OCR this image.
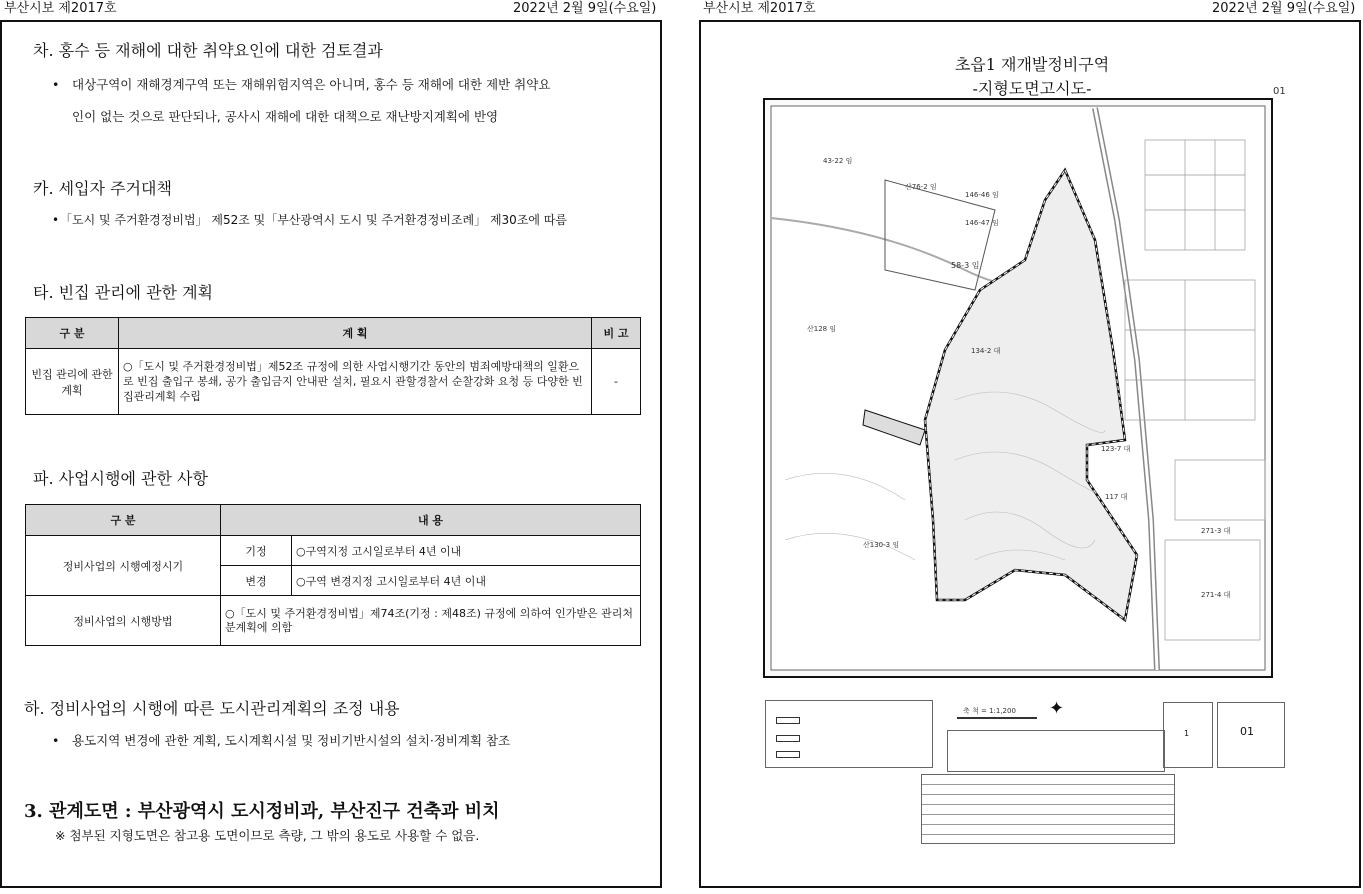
부산시보 제2017호	2022년 2월 9일(수요일)	부산시보 제2017호	2022년 2월 9일(수요일)
차. 홍수 등 재해에 대한 취약요인에 대한 검토결과
• 대상구역이 재해경계구역 또는 재해위험지역은 아니며, 홍수 등 재해에 대한 제반 취약요
인이 없는 것으로 판단되나, 공사시 재해에 대한 대책으로 재난방지계획에 반영
카. 세입자 주거대책
•「도시 및 주거환경정비법」 제52조 및「부산광역시 도시 및 주거환경정비조례」 제30조에 따름
타. 빈집 관리에 관한 계획
구 분	계 획	비 고
빈집 관리에 관한 계획	○「도시 및 주거환경정비법」제52조 규정에 의한 사업시행기간 동안의 범죄예방대책의 일환으로 빈집 출입구 봉쇄, 공가 출입금지 안내판 설치, 필요시 관할경찰서 순찰강화 요청 등 다양한 빈집관리계획 수립	-
파. 사업시행에 관한 사항
구 분	내 용	
정비사업의 시행예정시기	기정	○구역지정 고시일로부터 4년 이내
	변경	○구역 변경지정 고시일로부터 4년 이내
정비사업의 시행방법	○「도시 및 주거환경정비법」제74조(기정 : 제48조) 규정에 의하여 인가받은 관리처분계획에 의함	
하. 정비사업의 시행에 따른 도시관리계획의 조정 내용
• 용도지역 변경에 관한 계획, 도시계획시설 및 정비기반시설의 설치·정비계획 참조
3. 관계도면 : 부산광역시 도시정비과, 부산진구 건축과 비치
※ 첨부된 지형도면은 참고용 도면이므로 측량, 그 밖의 용도로 사용할 수 없음.
초읍1 재개발정비구역
-지형도면고시도-	01
43-22 임
산76-2 임
146-46 임
146-47 임
58-3 임
산128 임
134-2 대
123-7 대
산130-3 임
271-3 대
271-4 대
117 대
축 척 = 1:1,200 ✦
1	01
